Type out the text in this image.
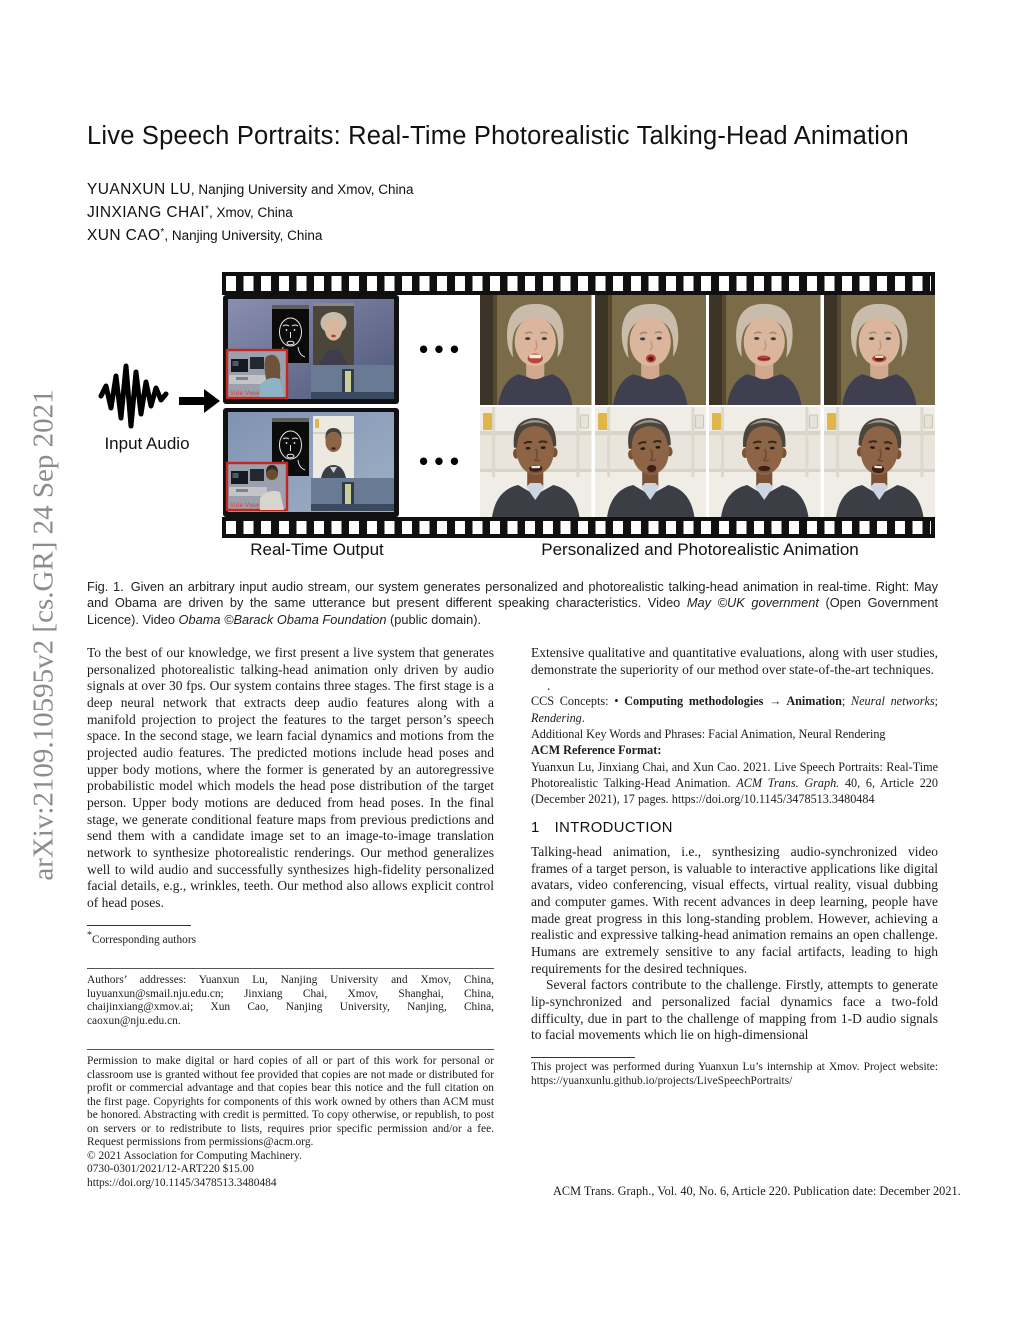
arXiv:2109.10595v2 [cs.GR] 24 Sep 2021
Live Speech Portraits: Real-Time Photorealistic Talking-Head Animation
YUANXUN LU, Nanjing University and Xmov, China
JINXIANG CHAI*, Xmov, China
XUN CAO*, Nanjing University, China
Input Audio
Side View
•••
Side View
•••
Real-Time Output	Personalized and Photorealistic Animation

Fig. 1. Given an arbitrary input audio stream, our system generates personalized and photorealistic talking-head animation in real-time. Right: May and Obama are driven by the same utterance but present different speaking characteristics. Video May ©UK government (Open Government Licence). Video Obama ©Barack Obama Foundation (public domain).

To the best of our knowledge, we first present a live system that generates personalized photorealistic talking-head animation only driven by audio signals at over 30 fps. Our system contains three stages. The first stage is a deep neural network that extracts deep audio features along with a manifold projection to project the features to the target person’s speech space. In the second stage, we learn facial dynamics and motions from the projected audio features. The predicted motions include head poses and upper body motions, where the former is generated by an autoregressive probabilistic model which models the head pose distribution of the target person. Upper body motions are deduced from head poses. In the final stage, we generate conditional feature maps from previous predictions and send them with a candidate image set to an image-to-image translation network to synthesize photorealistic renderings. Our method generalizes well to wild audio and successfully synthesizes high-fidelity personalized facial details, e.g., wrinkles, teeth. Our method also allows explicit control of head poses.

*Corresponding authors

Authors’ addresses: Yuanxun Lu, Nanjing University and Xmov, China, luyuanxun@smail.nju.edu.cn; Jinxiang Chai, Xmov, Shanghai, China, chaijinxiang@xmov.ai; Xun Cao, Nanjing University, Nanjing, China, caoxun@nju.edu.cn.

Permission to make digital or hard copies of all or part of this work for personal or classroom use is granted without fee provided that copies are not made or distributed for profit or commercial advantage and that copies bear this notice and the full citation on the first page. Copyrights for components of this work owned by others than ACM must be honored. Abstracting with credit is permitted. To copy otherwise, or republish, to post on servers or to redistribute to lists, requires prior specific permission and/or a fee. Request permissions from permissions@acm.org.

© 2021 Association for Computing Machinery.

0730-0301/2021/12-ART220 $15.00

https://doi.org/10.1145/3478513.3480484

Extensive qualitative and quantitative evaluations, along with user studies, demonstrate the superiority of our method over state-of-the-art techniques.

.

CCS Concepts: • Computing methodologies → Animation; Neural networks; Rendering.

Additional Key Words and Phrases: Facial Animation, Neural Rendering

ACM Reference Format:

Yuanxun Lu, Jinxiang Chai, and Xun Cao. 2021. Live Speech Portraits: Real-Time Photorealistic Talking-Head Animation. ACM Trans. Graph. 40, 6, Article 220 (December 2021), 17 pages. https://doi.org/10.1145/3478513.3480484

1 INTRODUCTION

Talking-head animation, i.e., synthesizing audio-synchronized video frames of a target person, is valuable to interactive applications like digital avatars, video conferencing, visual effects, virtual reality, visual dubbing and computer games. With recent advances in deep learning, people have made great progress in this long-standing problem. However, achieving a realistic and expressive talking-head animation remains an open challenge. Humans are extremely sensitive to any facial artifacts, leading to high requirements for the desired techniques.

Several factors contribute to the challenge. Firstly, attempts to generate lip-synchronized and personalized facial dynamics face a two-fold difficulty, due in part to the challenge of mapping from 1-D audio signals to facial movements which lie on high-dimensional

This project was performed during Yuanxun Lu’s internship at Xmov. Project website: https://yuanxunlu.github.io/projects/LiveSpeechPortraits/

ACM Trans. Graph., Vol. 40, No. 6, Article 220. Publication date: December 2021.
